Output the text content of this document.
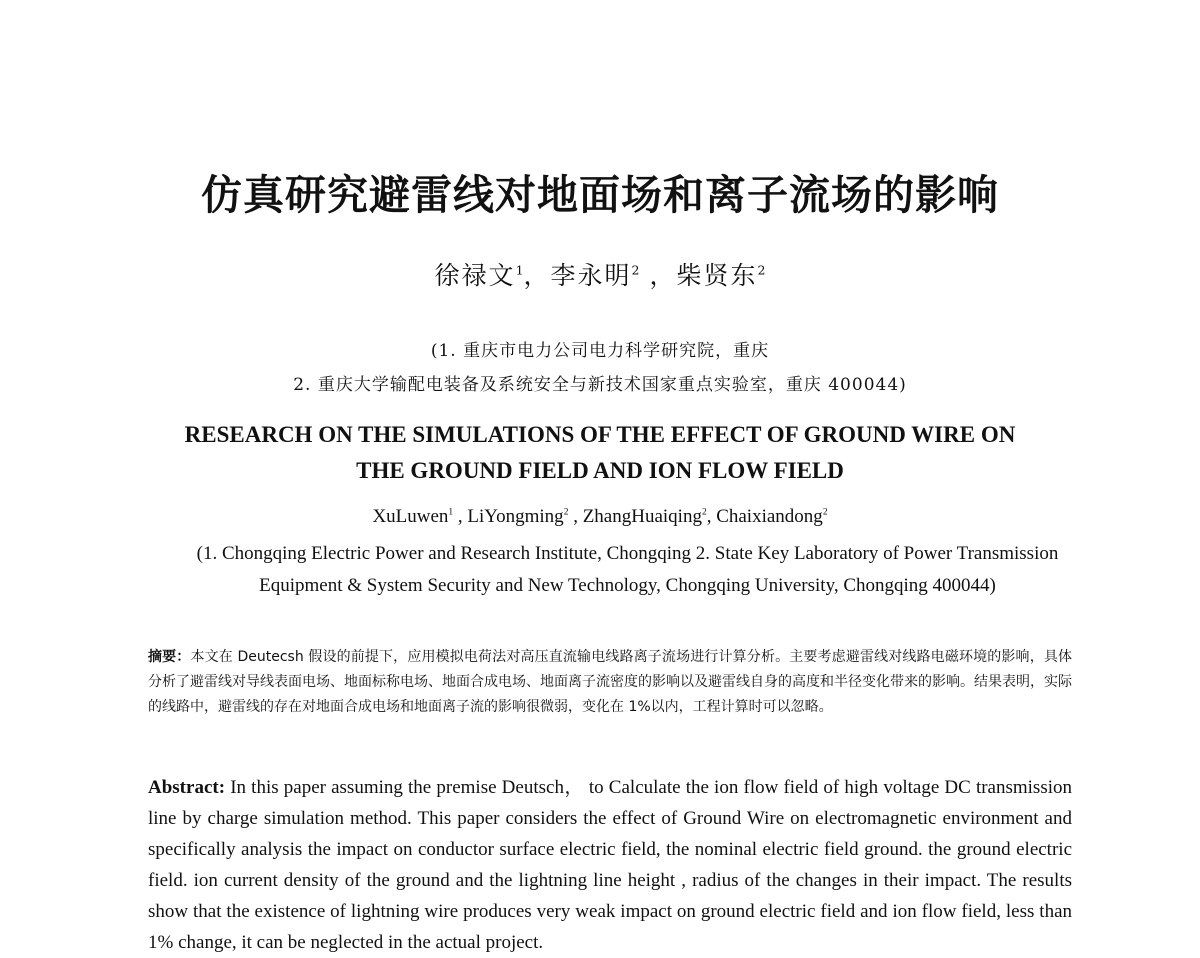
仿真研究避雷线对地面场和离子流场的影响
徐禄文$^1$，李永明$^2$ ，柴贤东$^2$
(1. 重庆市电力公司电力科学研究院，重庆
2. 重庆大学输配电装备及系统安全与新技术国家重点实验室，重庆 400044)
RESEARCH ON THE SIMULATIONS OF THE EFFECT OF GROUND WIRE ON
THE GROUND FIELD AND ION FLOW FIELD
XuLuwen$^1$ , LiYongming$^2$ , ZhangHuaiqing$^2$, Chaixiandong$^2$
(1. Chongqing Electric Power and Research Institute, Chongqing 2. State Key Laboratory of Power Transmission Equipment & System Security and New Technology, Chongqing University, Chongqing 400044)
摘要：本文在 Deutecsh 假设的前提下，应用模拟电荷法对高压直流输电线路离子流场进行计算分析。主要考虑避雷线对线路电磁环境的影响，具体分析了避雷线对导线表面电场、地面标称电场、地面合成电场、地面离子流密度的影响以及避雷线自身的高度和半径变化带来的影响。结果表明，实际的线路中，避雷线的存在对地面合成电场和地面离子流的影响很微弱，变化在 1%以内，工程计算时可以忽略。
Abstract: In this paper assuming the premise Deutsch， to Calculate the ion flow field of high voltage DC transmission line by charge simulation method. This paper considers the effect of Ground Wire on electromagnetic environment and specifically analysis the impact on conductor surface electric field, the nominal electric field ground. the ground electric field. ion current density of the ground and the lightning line height , radius of the changes in their impact. The results show that the existence of lightning wire produces very weak impact on ground electric field and ion flow field, less than 1% change, it can be neglected in the actual project.
